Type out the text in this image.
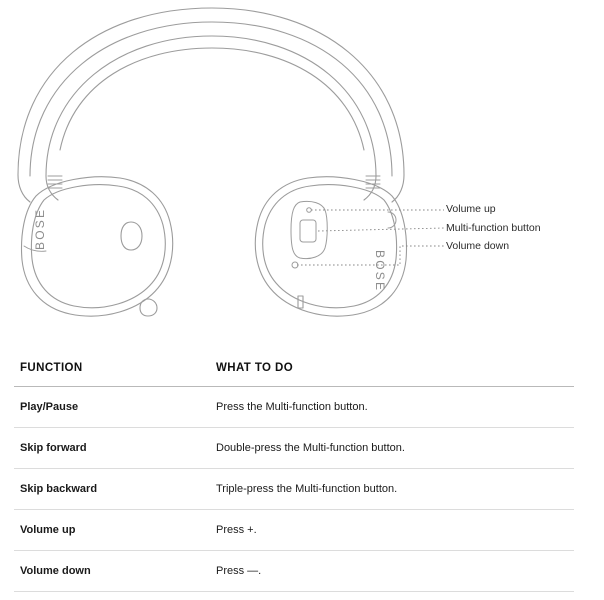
BOSE
BOSE
Volume up
Multi-function button
Volume down
FUNCTION	WHAT TO DO
Play/Pause	Press the Multi-function button.
Skip forward	Double-press the Multi-function button.
Skip backward	Triple-press the Multi-function button.
Volume up	Press +.
Volume down	Press —.
